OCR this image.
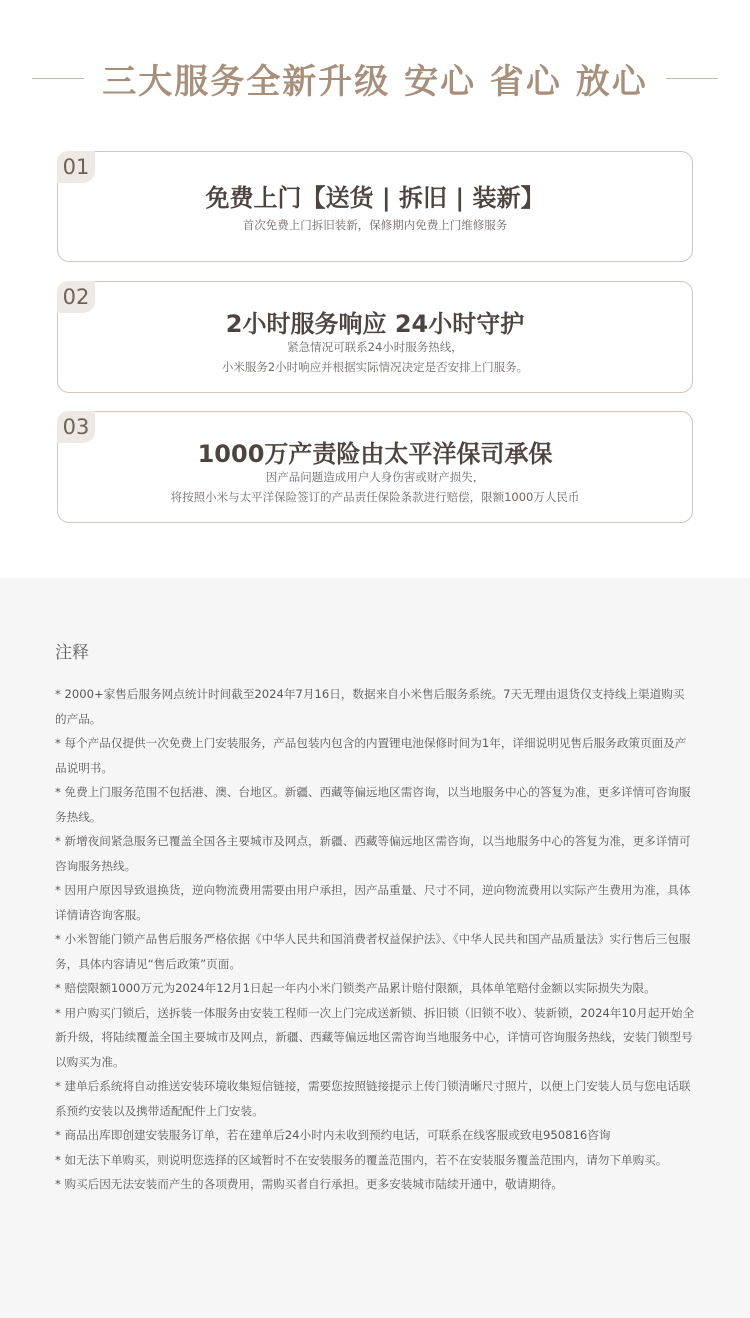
三大服务全新升级 安心 省心 放心
01
免费上门【送货 | 拆旧 | 装新】
首次免费上门拆旧装新，保修期内免费上门维修服务
02
2小时服务响应 24小时守护
紧急情况可联系24小时服务热线，
小米服务2小时响应并根据实际情况决定是否安排上门服务。
03
1000万产责险由太平洋保司承保
因产品问题造成用户人身伤害或财产损失，
将按照小米与太平洋保险签订的产品责任保险条款进行赔偿，限额1000万人民币
注释

* 2000+家售后服务网点统计时间截至2024年7月16日，数据来自小米售后服务系统。7天无理由退货仅支持线上渠道购买的产品。

* 每个产品仅提供一次免费上门安装服务，产品包装内包含的内置锂电池保修时间为1年，详细说明见售后服务政策页面及产品说明书。

* 免费上门服务范围不包括港、澳、台地区。新疆、西藏等偏远地区需咨询，以当地服务中心的答复为准，更多详情可咨询服务热线。

* 新增夜间紧急服务已覆盖全国各主要城市及网点，新疆、西藏等偏远地区需咨询，以当地服务中心的答复为准，更多详情可咨询服务热线。

* 因用户原因导致退换货，逆向物流费用需要由用户承担，因产品重量、尺寸不同，逆向物流费用以实际产生费用为准，具体详情请咨询客服。

* 小米智能门锁产品售后服务严格依据《中华人民共和国消费者权益保护法》、《中华人民共和国产品质量法》实行售后三包服务，具体内容请见“售后政策”页面。

* 赔偿限额1000万元为2024年12月1日起一年内小米门锁类产品累计赔付限额，具体单笔赔付金额以实际损失为限。

* 用户购买门锁后，送拆装一体服务由安装工程师一次上门完成送新锁、拆旧锁（旧锁不收）、装新锁，2024年10月起开始全新升级，将陆续覆盖全国主要城市及网点，新疆、西藏等偏远地区需咨询当地服务中心，详情可咨询服务热线，安装门锁型号以购买为准。

* 建单后系统将自动推送安装环境收集短信链接，需要您按照链接提示上传门锁清晰尺寸照片，以便上门安装人员与您电话联系预约安装以及携带适配配件上门安装。

* 商品出库即创建安装服务订单，若在建单后24小时内未收到预约电话，可联系在线客服或致电950816咨询

* 如无法下单购买，则说明您选择的区域暂时不在安装服务的覆盖范围内，若不在安装服务覆盖范围内，请勿下单购买。

* 购买后因无法安装而产生的各项费用，需购买者自行承担。更多安装城市陆续开通中，敬请期待。
